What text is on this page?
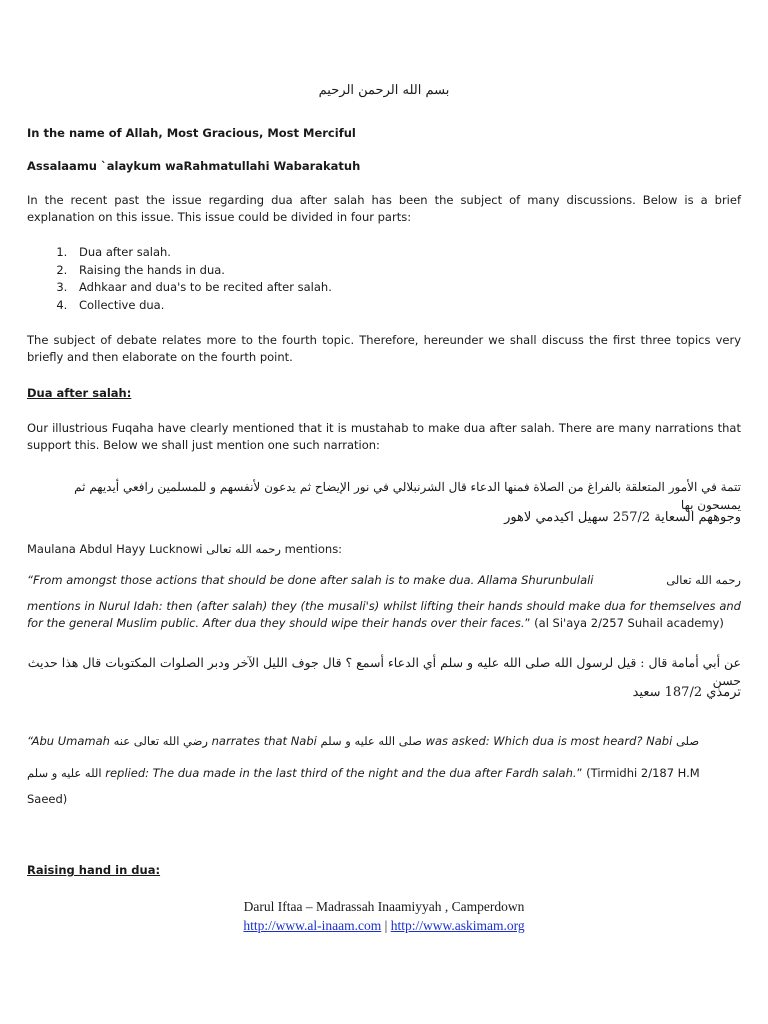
بسم الله الرحمن الرحيم

In the name of Allah, Most Gracious, Most Merciful

Assalaamu `alaykum waRahmatullahi Wabarakatuh

In the recent past the issue regarding dua after salah has been the subject of many discussions. Below is a brief explanation on this issue. This issue could be divided in four parts:

1. Dua after salah.
2. Raising the hands in dua.
3. Adhkaar and dua's to be recited after salah.
4. Collective dua.

The subject of debate relates more to the fourth topic. Therefore, hereunder we shall discuss the first three topics very briefly and then elaborate on the fourth point.

Dua after salah:

Our illustrious Fuqaha have clearly mentioned that it is mustahab to make dua after salah. There are many narrations that support this. Below we shall just mention one such narration:

تتمة في الأمور المتعلقة بالفراغ من الصلاة فمنها الدعاء قال الشرنبلالي في نور الإيضاح ثم يدعون لأنفسهم و للمسلمين رافعي أيديهم ثم يمسحون بها

وجوههم السعاية 257/2 سهيل اكيدمي لاهور

Maulana Abdul Hayy Lucknowi رحمه الله تعالى mentions:

“From amongst those actions that should be done after salah is to make dua. Allama Shurunbulali	رحمه الله تعالى

mentions in Nurul Idah: then (after salah) they (the musali's) whilst lifting their hands should make dua for themselves and for the general Muslim public. After dua they should wipe their hands over their faces.” (al Si'aya 2/257 Suhail academy)

عن أبي أمامة قال : قيل لرسول الله صلى الله عليه و سلم أي الدعاء أسمع ؟ قال جوف الليل الآخر ودبر الصلوات المكتوبات قال هذا حديث حسن

ترمذي 187/2 سعيد

“Abu Umamah رضي الله تعالى عنه narrates that Nabi صلى الله عليه و سلم was asked: Which dua is most heard? Nabi صلى

الله عليه و سلم replied: The dua made in the last third of the night and the dua after Fardh salah.” (Tirmidhi 2/187 H.M Saeed)

Raising hand in dua:

Darul Iftaa – Madrassah Inaamiyyah , Camperdown
http://www.al-inaam.com | http://www.askimam.org
